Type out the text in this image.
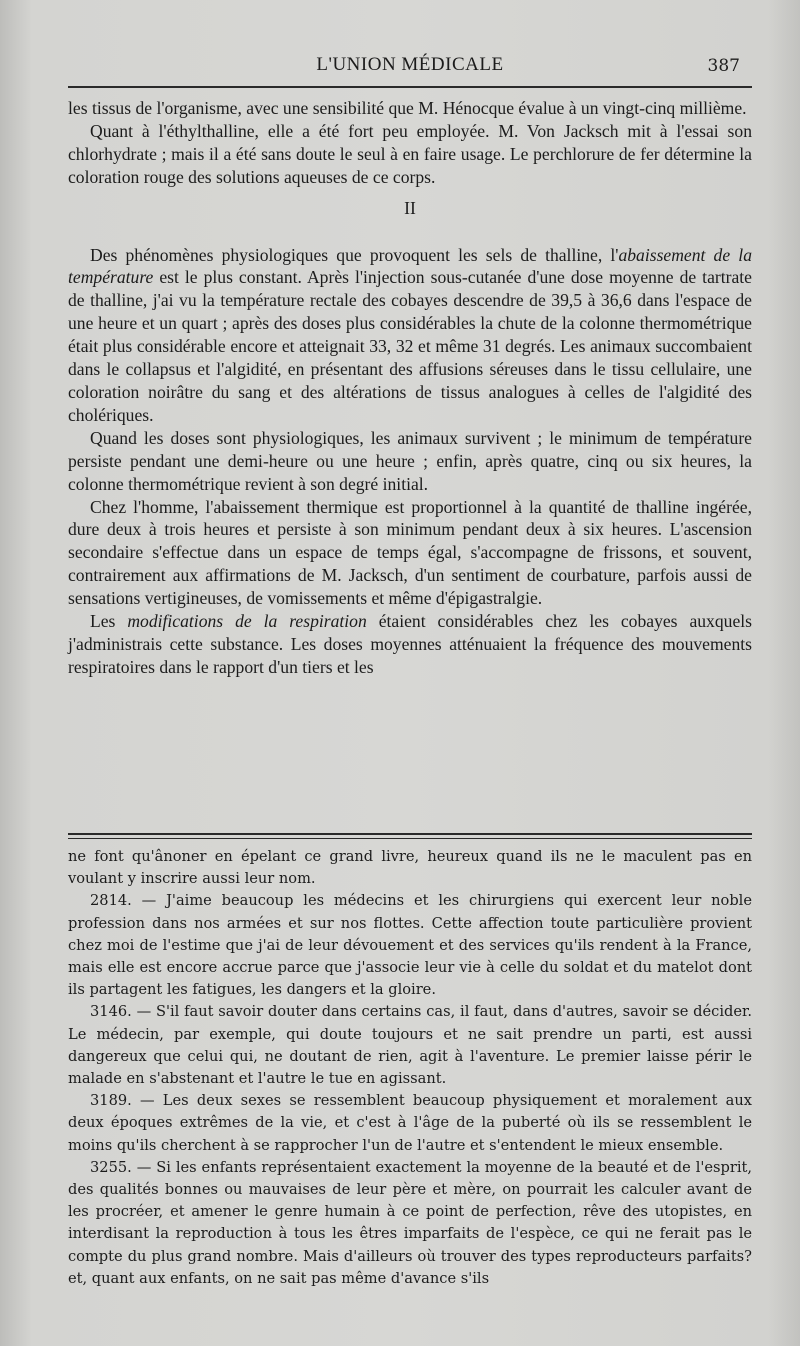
L'UNION MÉDICALE	387

les tissus de l'organisme, avec une sensibilité que M. Hénocque évalue à un vingt-cinq millième.

Quant à l'éthylthalline, elle a été fort peu employée. M. Von Jacksch mit à l'essai son chlorhydrate ; mais il a été sans doute le seul à en faire usage. Le perchlorure de fer détermine la coloration rouge des solutions aqueuses de ce corps.

II

Des phénomènes physiologiques que provoquent les sels de thalline, l'abaissement de la température est le plus constant. Après l'injection sous-cutanée d'une dose moyenne de tartrate de thalline, j'ai vu la température rectale des cobayes descendre de 39,5 à 36,6 dans l'espace de une heure et un quart ; après des doses plus considérables la chute de la colonne thermométrique était plus considérable encore et atteignait 33, 32 et même 31 degrés. Les animaux succombaient dans le collapsus et l'algidité, en présentant des affusions séreuses dans le tissu cellulaire, une coloration noirâtre du sang et des altérations de tissus analogues à celles de l'algidité des cholériques.

Quand les doses sont physiologiques, les animaux survivent ; le minimum de température persiste pendant une demi-heure ou une heure ; enfin, après quatre, cinq ou six heures, la colonne thermométrique revient à son degré initial.

Chez l'homme, l'abaissement thermique est proportionnel à la quantité de thalline ingérée, dure deux à trois heures et persiste à son minimum pendant deux à six heures. L'ascension secondaire s'effectue dans un espace de temps égal, s'accompagne de frissons, et souvent, contrairement aux affirmations de M. Jacksch, d'un sentiment de courbature, parfois aussi de sensations vertigineuses, de vomissements et même d'épigastralgie.

Les modifications de la respiration étaient considérables chez les cobayes auxquels j'administrais cette substance. Les doses moyennes atténuaient la fréquence des mouvements respiratoires dans le rapport d'un tiers et les

ne font qu'ânoner en épelant ce grand livre, heureux quand ils ne le maculent pas en voulant y inscrire aussi leur nom.

2814. — J'aime beaucoup les médecins et les chirurgiens qui exercent leur noble profession dans nos armées et sur nos flottes. Cette affection toute particulière provient chez moi de l'estime que j'ai de leur dévouement et des services qu'ils rendent à la France, mais elle est encore accrue parce que j'associe leur vie à celle du soldat et du matelot dont ils partagent les fatigues, les dangers et la gloire.

3146. — S'il faut savoir douter dans certains cas, il faut, dans d'autres, savoir se décider. Le médecin, par exemple, qui doute toujours et ne sait prendre un parti, est aussi dangereux que celui qui, ne doutant de rien, agit à l'aventure. Le premier laisse périr le malade en s'abstenant et l'autre le tue en agissant.

3189. — Les deux sexes se ressemblent beaucoup physiquement et moralement aux deux époques extrêmes de la vie, et c'est à l'âge de la puberté où ils se ressemblent le moins qu'ils cherchent à se rapprocher l'un de l'autre et s'entendent le mieux ensemble.

3255. — Si les enfants représentaient exactement la moyenne de la beauté et de l'esprit, des qualités bonnes ou mauvaises de leur père et mère, on pourrait les calculer avant de les procréer, et amener le genre humain à ce point de perfection, rêve des utopistes, en interdisant la reproduction à tous les êtres imparfaits de l'espèce, ce qui ne ferait pas le compte du plus grand nombre. Mais d'ailleurs où trouver des types reproducteurs parfaits? et, quant aux enfants, on ne sait pas même d'avance s'ils
